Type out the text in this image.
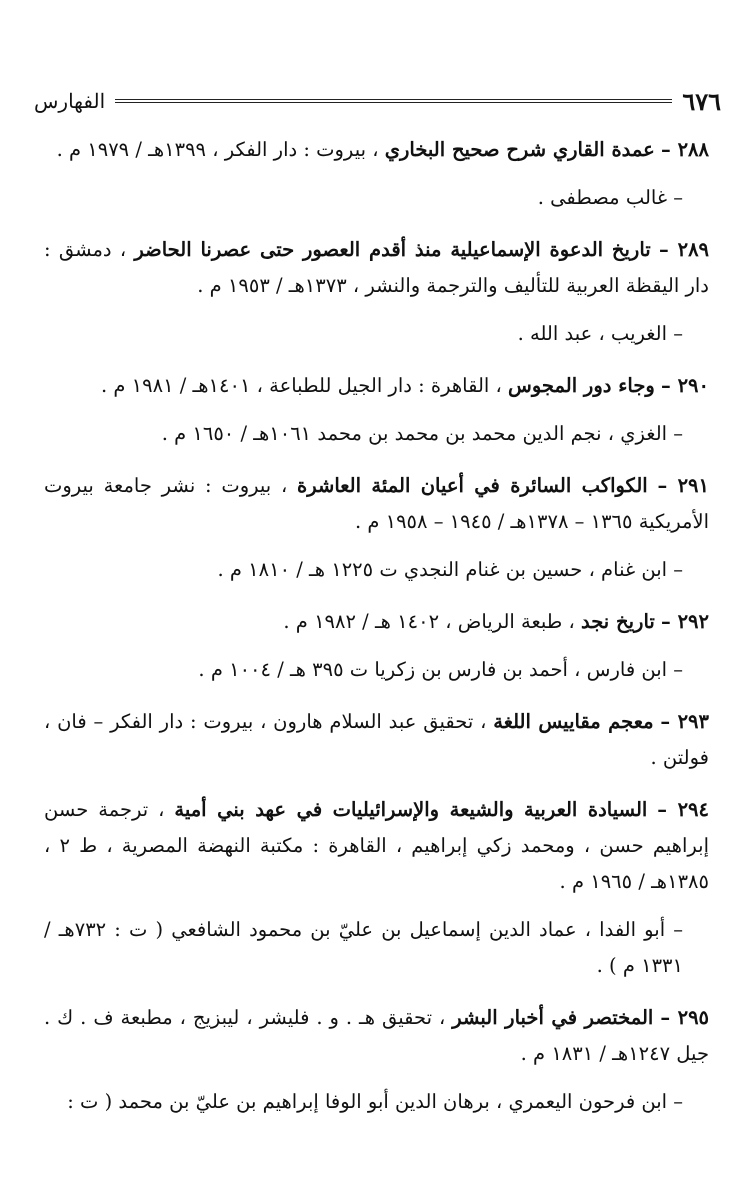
٦٧٦
الفهارس

٢٨٨ – عمدة القاري شرح صحيح البخاري ، بيروت : دار الفكر ، ١٣٩٩هـ / ١٩٧٩ م .

– غالب مصطفى .

٢٨٩ – تاريخ الدعوة الإسماعيلية منذ أقدم العصور حتى عصرنا الحاضر ، دمشق : دار اليقظة العربية للتأليف والترجمة والنشر ، ١٣٧٣هـ / ١٩٥٣ م .

– الغريب ، عبد الله .

٢٩٠ – وجاء دور المجوس ، القاهرة : دار الجيل للطباعة ، ١٤٠١هـ / ١٩٨١ م .

– الغزي ، نجم الدين محمد بن محمد بن محمد ١٠٦١هـ / ١٦٥٠ م .

٢٩١ – الكواكب السائرة في أعيان المئة العاشرة ، بيروت : نشر جامعة بيروت الأمريكية ١٣٦٥ – ١٣٧٨هـ / ١٩٤٥ – ١٩٥٨ م .

– ابن غنام ، حسين بن غنام النجدي ت ١٢٢٥ هـ / ١٨١٠ م .

٢٩٢ – تاريخ نجد ، طبعة الرياض ، ١٤٠٢ هـ / ١٩٨٢ م .

– ابن فارس ، أحمد بن فارس بن زكريا ت ٣٩٥ هـ / ١٠٠٤ م .

٢٩٣ – معجم مقاييس اللغة ، تحقيق عبد السلام هارون ، بيروت : دار الفكر – فان ، فولتن .

٢٩٤ – السيادة العربية والشيعة والإسرائيليات في عهد بني أمية ، ترجمة حسن إبراهيم حسن ، ومحمد زكي إبراهيم ، القاهرة : مكتبة النهضة المصرية ، ط ٢ ، ١٣٨٥هـ / ١٩٦٥ م .

– أبو الفدا ، عماد الدين إسماعيل بن عليّ بن محمود الشافعي ( ت : ٧٣٢هـ / ١٣٣١ م ) .

٢٩٥ – المختصر في أخبار البشر ، تحقيق هـ . و . فليشر ، ليبزيج ، مطبعة ف . ك . جيل ١٢٤٧هـ / ١٨٣١ م .

– ابن فرحون اليعمري ، برهان الدين أبو الوفا إبراهيم بن عليّ بن محمد ( ت :
